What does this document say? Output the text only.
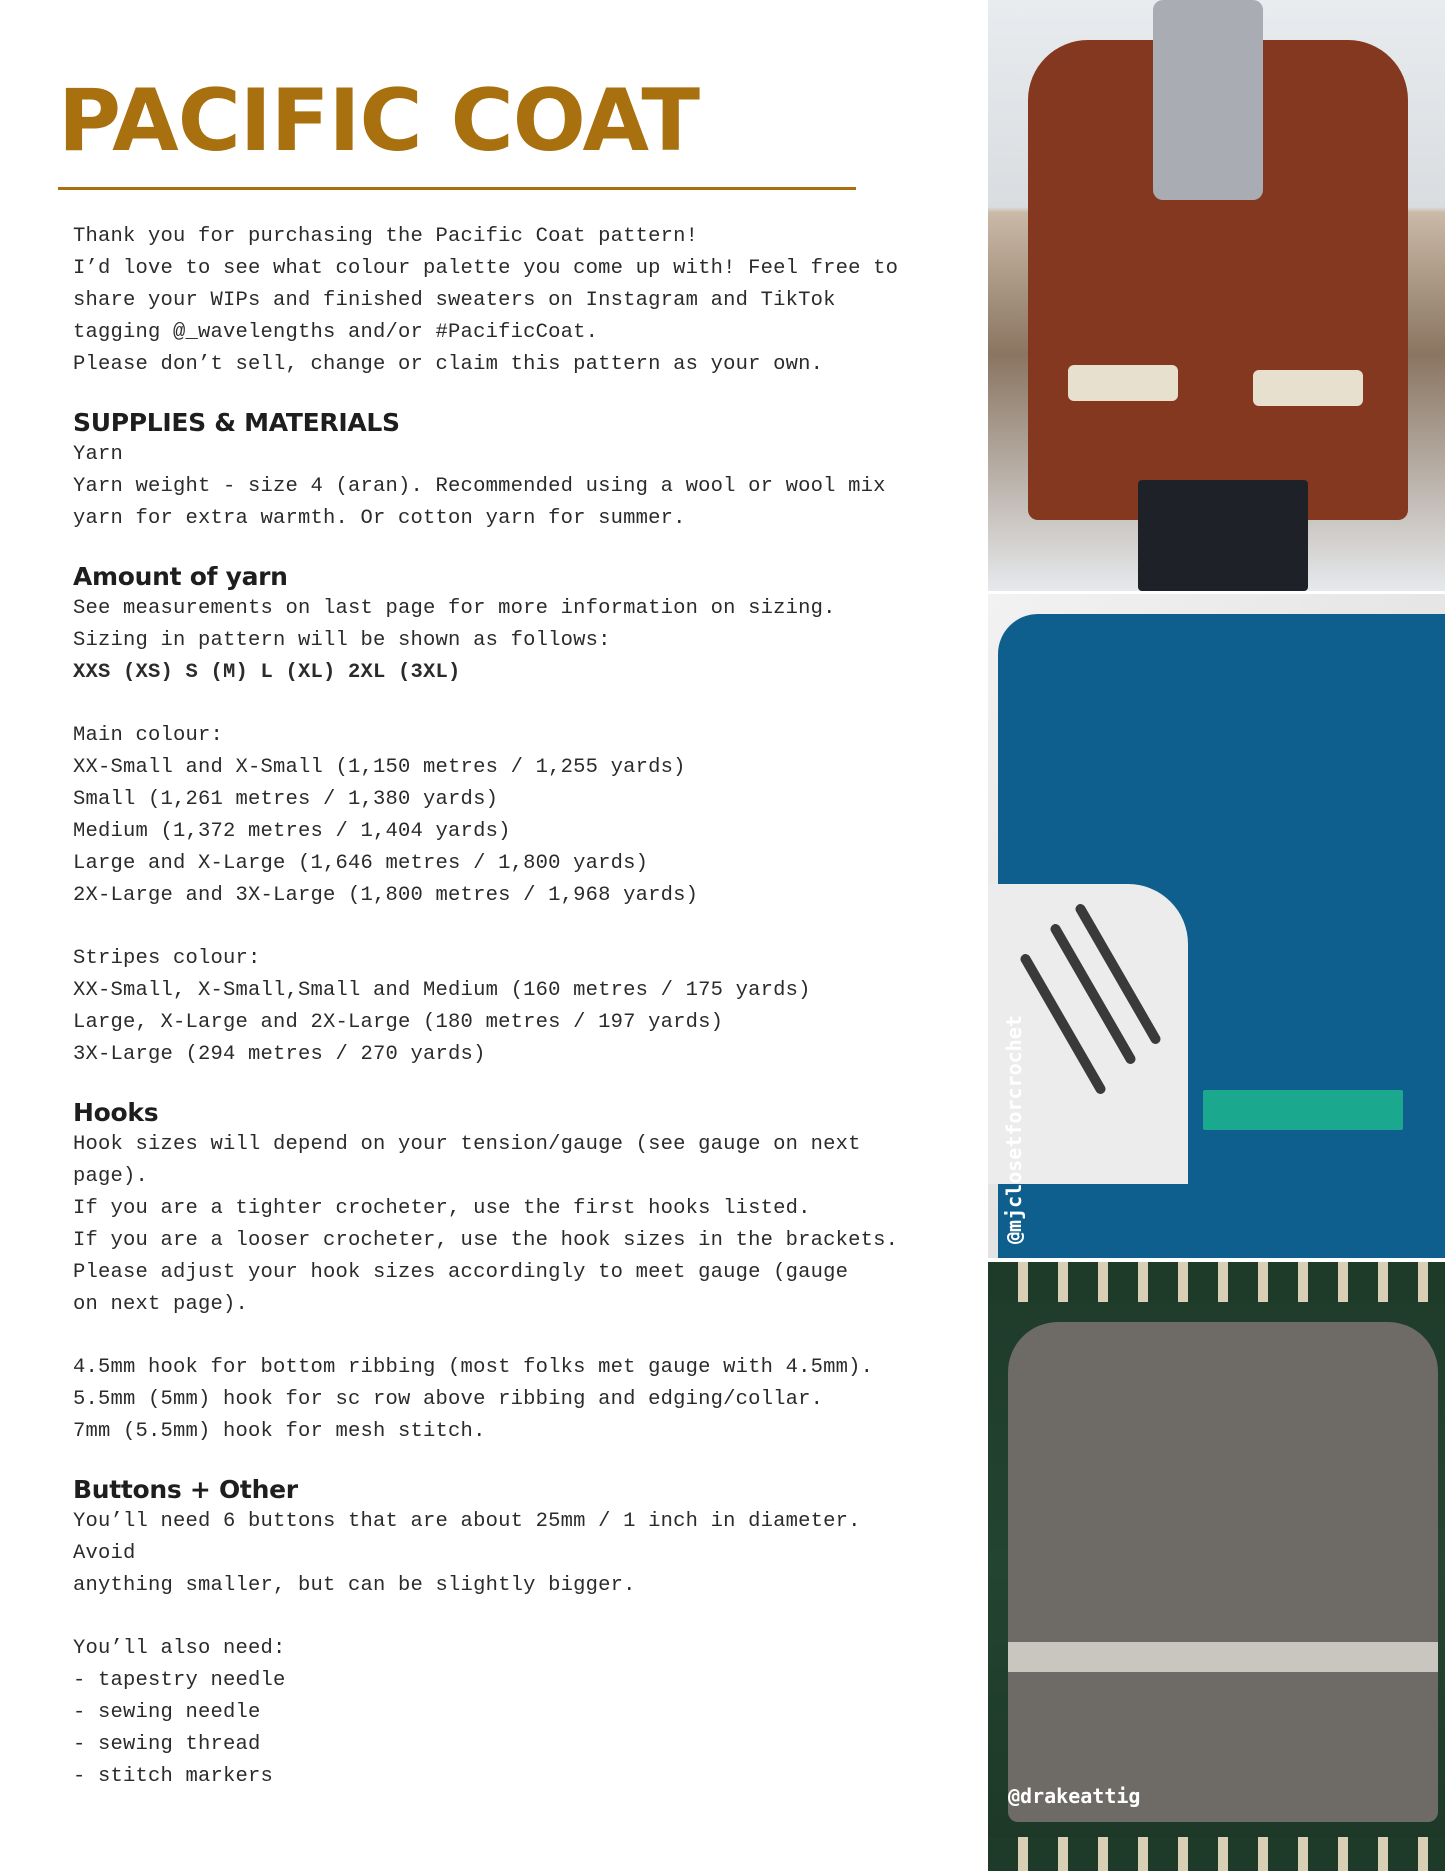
PACIFIC COAT
Thank you for purchasing the Pacific Coat pattern!
I’d love to see what colour palette you come up with! Feel free to
share your WIPs and finished sweaters on Instagram and TikTok
tagging @_wavelengths and/or #PacificCoat.
Please don’t sell, change or claim this pattern as your own.
SUPPLIES & MATERIALS
Yarn
Yarn weight - size 4 (aran). Recommended using a wool or wool mix
yarn for extra warmth. Or cotton yarn for summer.
Amount of yarn
See measurements on last page for more information on sizing.
Sizing in pattern will be shown as follows:
XXS (XS) S (M) L (XL) 2XL (3XL)
Main colour:
XX-Small and X-Small (1,150 metres / 1,255 yards)
Small (1,261 metres / 1,380 yards)
Medium (1,372 metres / 1,404 yards)
Large and X-Large (1,646 metres / 1,800 yards)
2X-Large and 3X-Large (1,800 metres / 1,968 yards)
Stripes colour:
XX-Small, X-Small,Small and Medium (160 metres / 175 yards)
Large, X-Large and 2X-Large (180 metres / 197 yards)
3X-Large (294 metres / 270 yards)
Hooks
Hook sizes will depend on your tension/gauge (see gauge on next
page).
If you are a tighter crocheter, use the first hooks listed.
If you are a looser crocheter, use the hook sizes in the brackets.
Please adjust your hook sizes accordingly to meet gauge (gauge
on next page).
4.5mm hook for bottom ribbing (most folks met gauge with 4.5mm).
5.5mm (5mm) hook for sc row above ribbing and edging/collar.
7mm (5.5mm) hook for mesh stitch.
Buttons + Other
You’ll need 6 buttons that are about 25mm / 1 inch in diameter.
Avoid
anything smaller, but can be slightly bigger.
You’ll also need:
- tapestry needle
- sewing needle
- sewing thread
- stitch markers
@mjclosetforcrochet
@drakeattig
